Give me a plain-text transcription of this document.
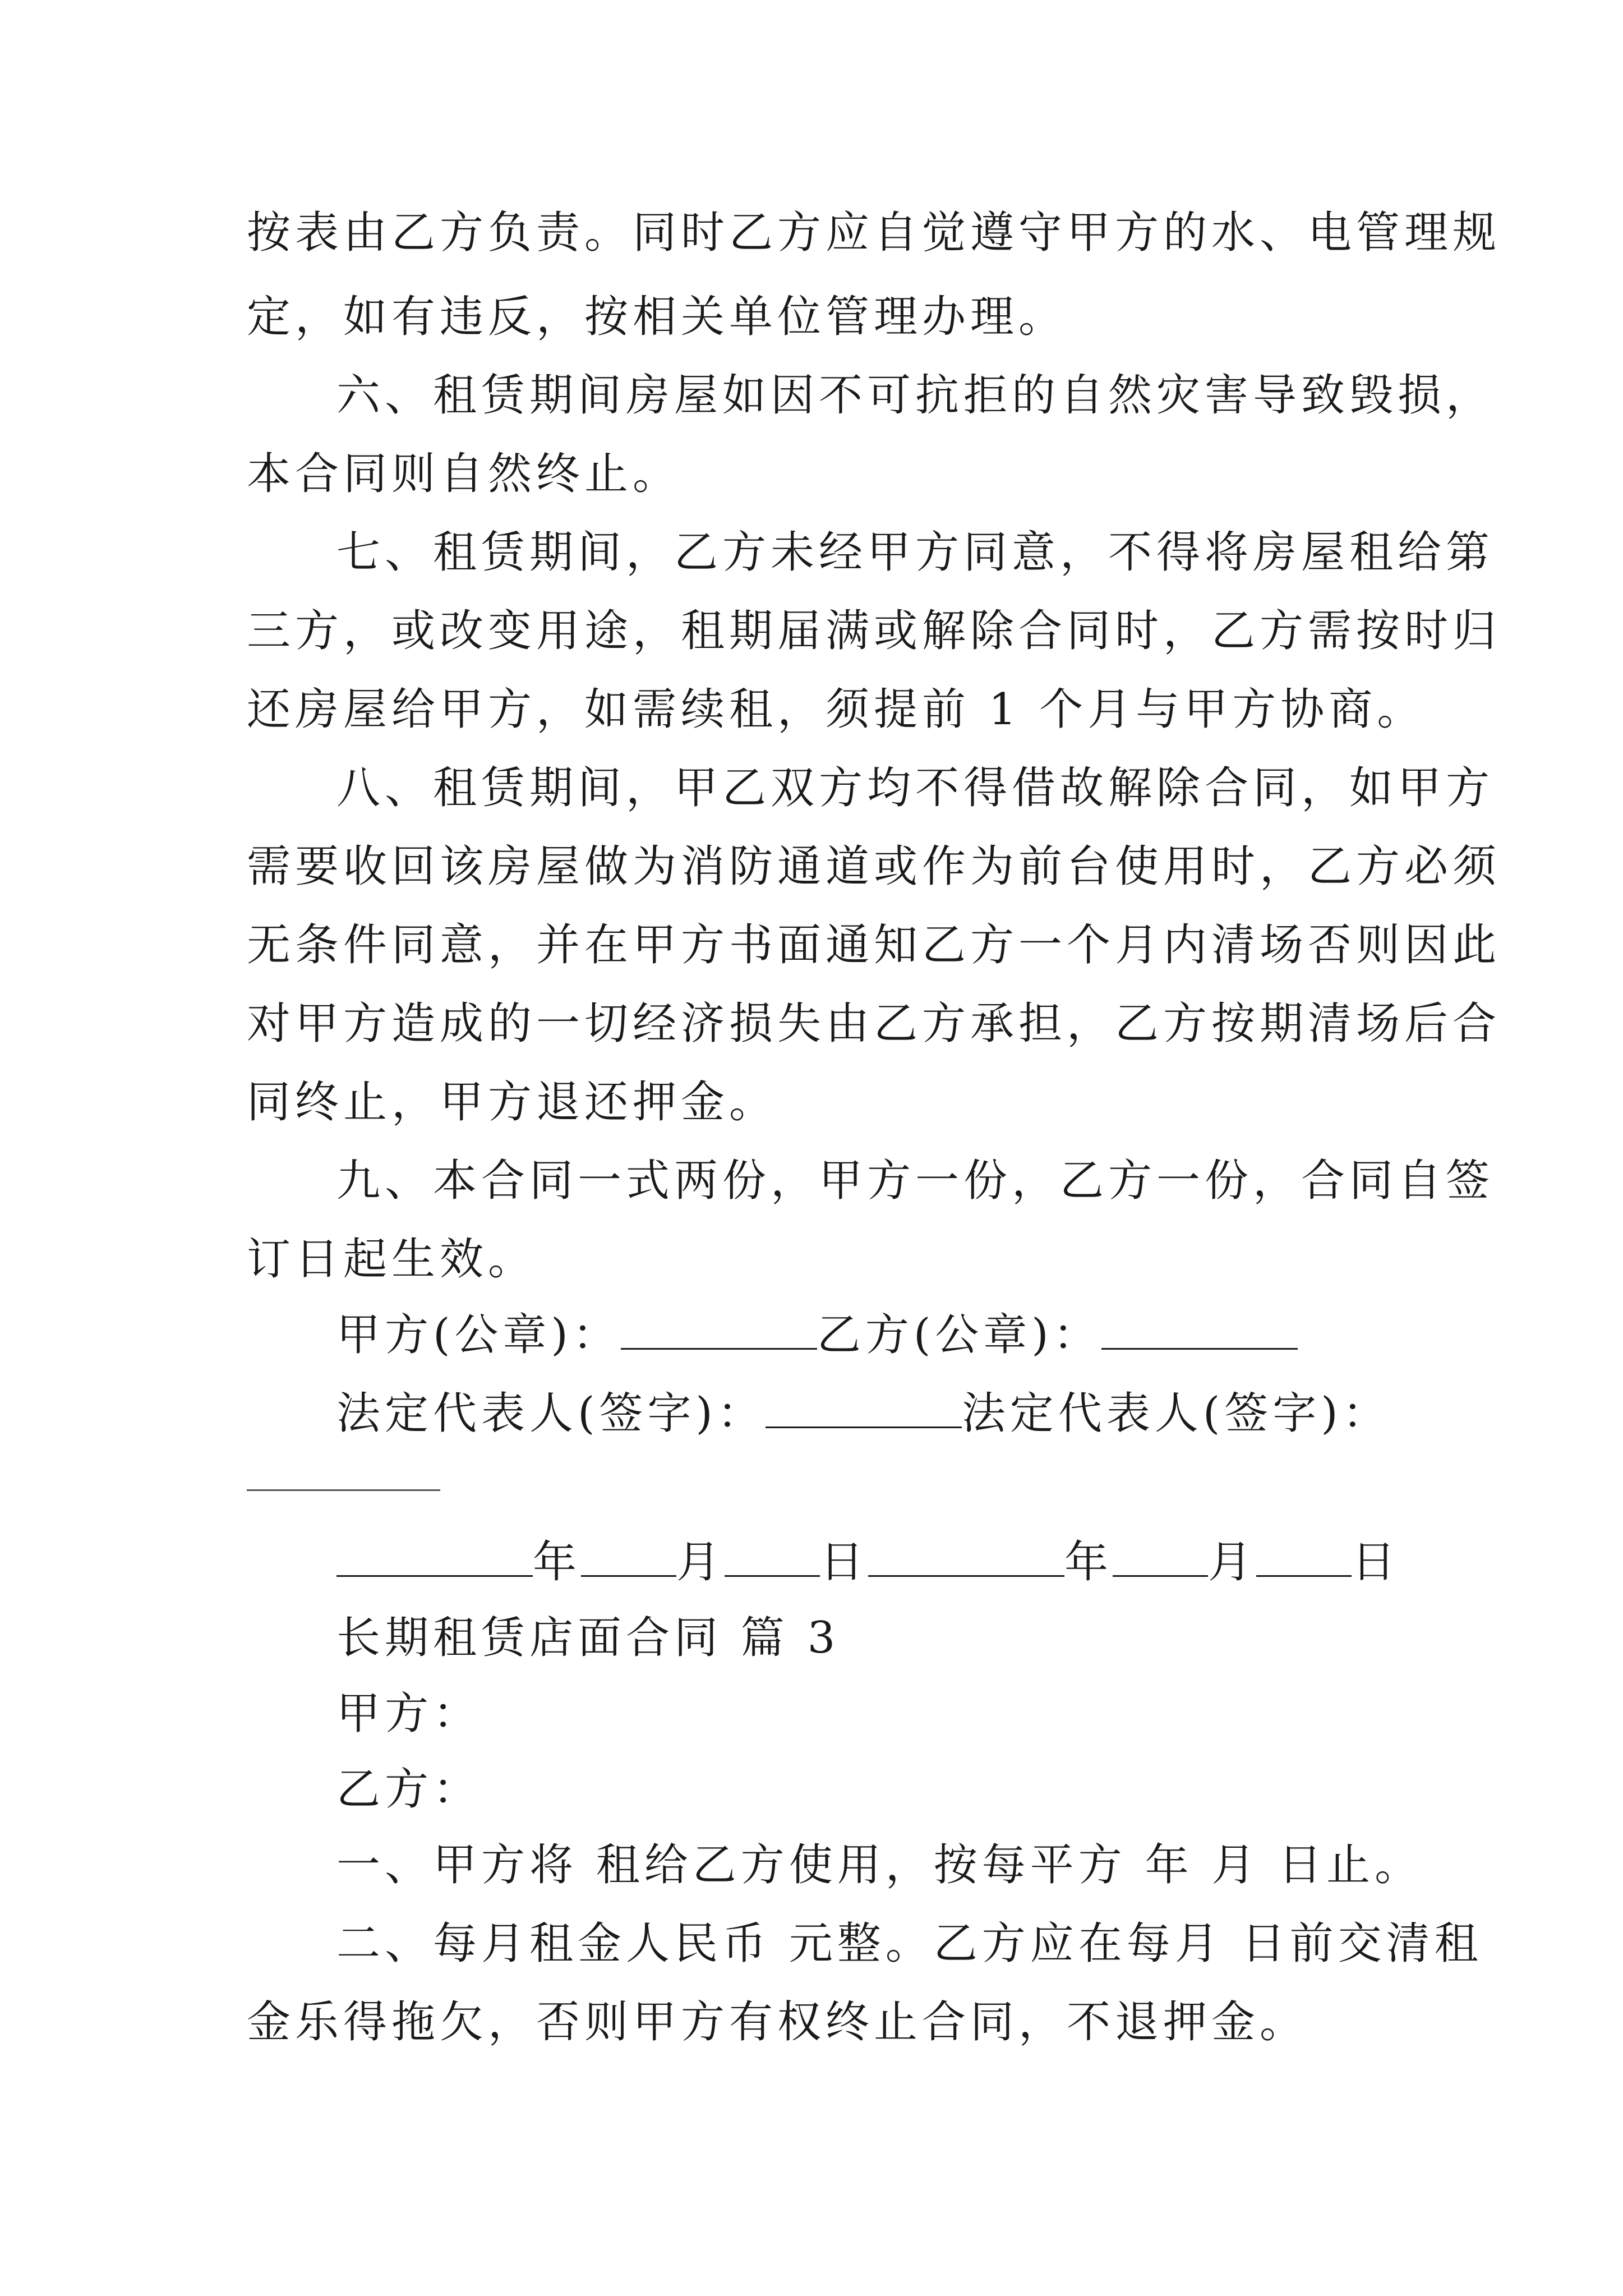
按表由乙方负责。同时乙方应自觉遵守甲方的水、电管理规
定，如有违反，按相关单位管理办理。
六、租赁期间房屋如因不可抗拒的自然灾害导致毁损，
本合同则自然终止。
七、租赁期间，乙方未经甲方同意，不得将房屋租给第
三方，或改变用途，租期届满或解除合同时，乙方需按时归
还房屋给甲方，如需续租，须提前 1 个月与甲方协商。
八、租赁期间，甲乙双方均不得借故解除合同，如甲方
需要收回该房屋做为消防通道或作为前台使用时，乙方必须
无条件同意，并在甲方书面通知乙方一个月内清场否则因此
对甲方造成的一切经济损失由乙方承担，乙方按期清场后合
同终止，甲方退还押金。
九、本合同一式两份，甲方一份，乙方一份，合同自签
订日起生效。
甲方(公章)：	乙方(公章)：
法定代表人(签字)：	法定代表人(签字)：
年 月 日	年 月 日
长期租赁店面合同 篇 3
甲方：
乙方：
一、甲方将 租给乙方使用，按每平方 年 月 日止。
二、每月租金人民币 元整。乙方应在每月 日前交清租
金乐得拖欠，否则甲方有权终止合同，不退押金。
